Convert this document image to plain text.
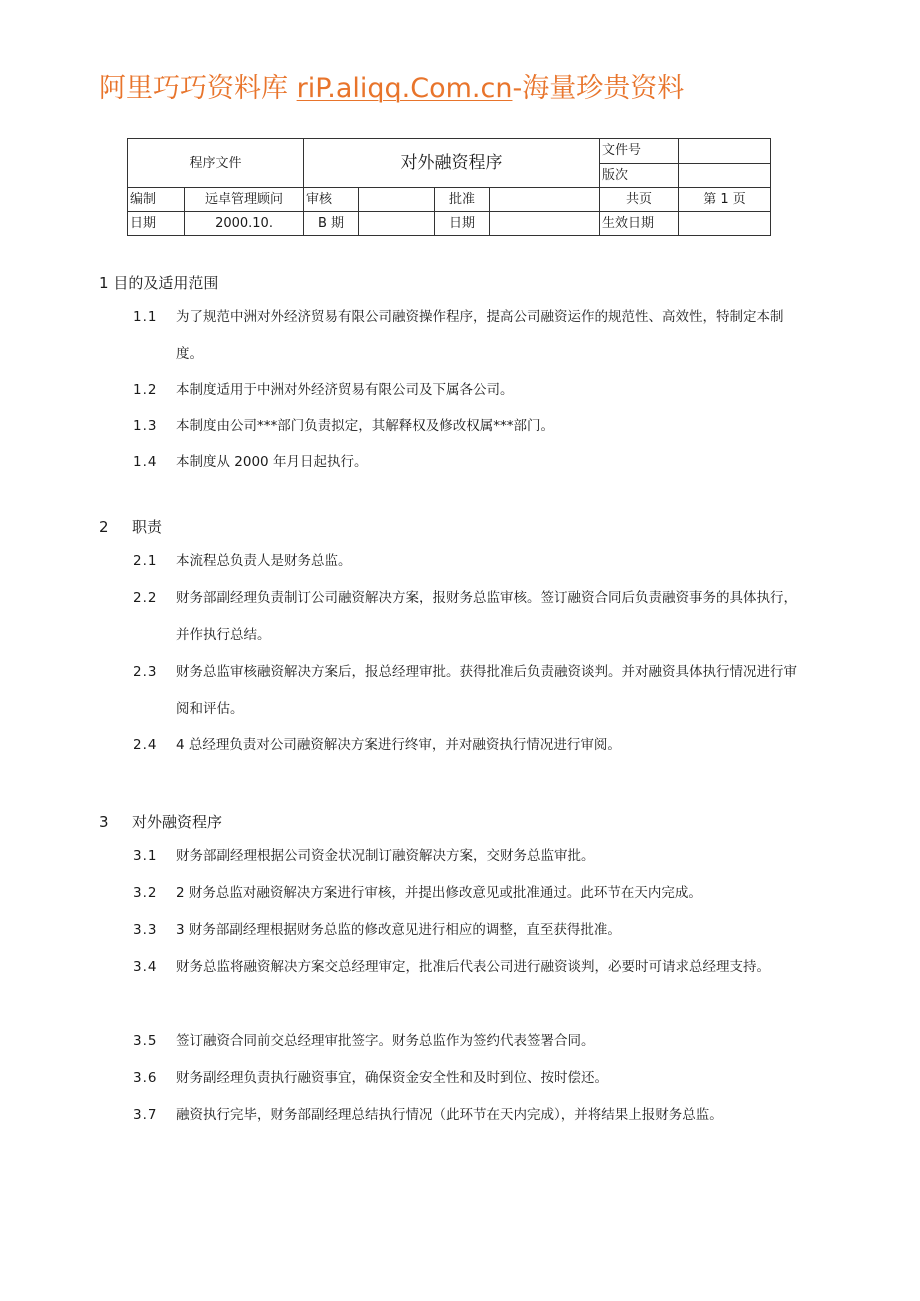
阿里巧巧资料库 riP.aliqq.Com.cn-海量珍贵资料
程序文件		对外融资程序				文件号	
						版次	
编制	远卓管理顾问	审核		批准		共页	第 1 页
日期	2000.10.	B 期		日期		生效日期	
1 目的及适用范围
1.1	为了规范中洲对外经济贸易有限公司融资操作程序，提高公司融资运作的规范性、高效性，特制定本制度。
1.2	本制度适用于中洲对外经济贸易有限公司及下属各公司。
1.3	本制度由公司***部门负责拟定，其解释权及修改权属***部门。
1.4	本制度从 2000 年月日起执行。
2 职责
2.1	本流程总负责人是财务总监。
2.2	财务部副经理负责制订公司融资解决方案，报财务总监审核。签订融资合同后负责融资事务的具体执行，并作执行总结。
2.3	财务总监审核融资解决方案后，报总经理审批。获得批准后负责融资谈判。并对融资具体执行情况进行审阅和评估。
2.4	4 总经理负责对公司融资解决方案进行终审，并对融资执行情况进行审阅。
3 对外融资程序
3.1	财务部副经理根据公司资金状况制订融资解决方案，交财务总监审批。
3.2	2 财务总监对融资解决方案进行审核，并提出修改意见或批准通过。此环节在天内完成。
3.3	3 财务部副经理根据财务总监的修改意见进行相应的调整，直至获得批准。
3.4	财务总监将融资解决方案交总经理审定，批准后代表公司进行融资谈判，必要时可请求总经理支持。
3.5	签订融资合同前交总经理审批签字。财务总监作为签约代表签署合同。
3.6	财务副经理负责执行融资事宜，确保资金安全性和及时到位、按时偿还。
3.7	融资执行完毕，财务部副经理总结执行情况（此环节在天内完成），并将结果上报财务总监。
